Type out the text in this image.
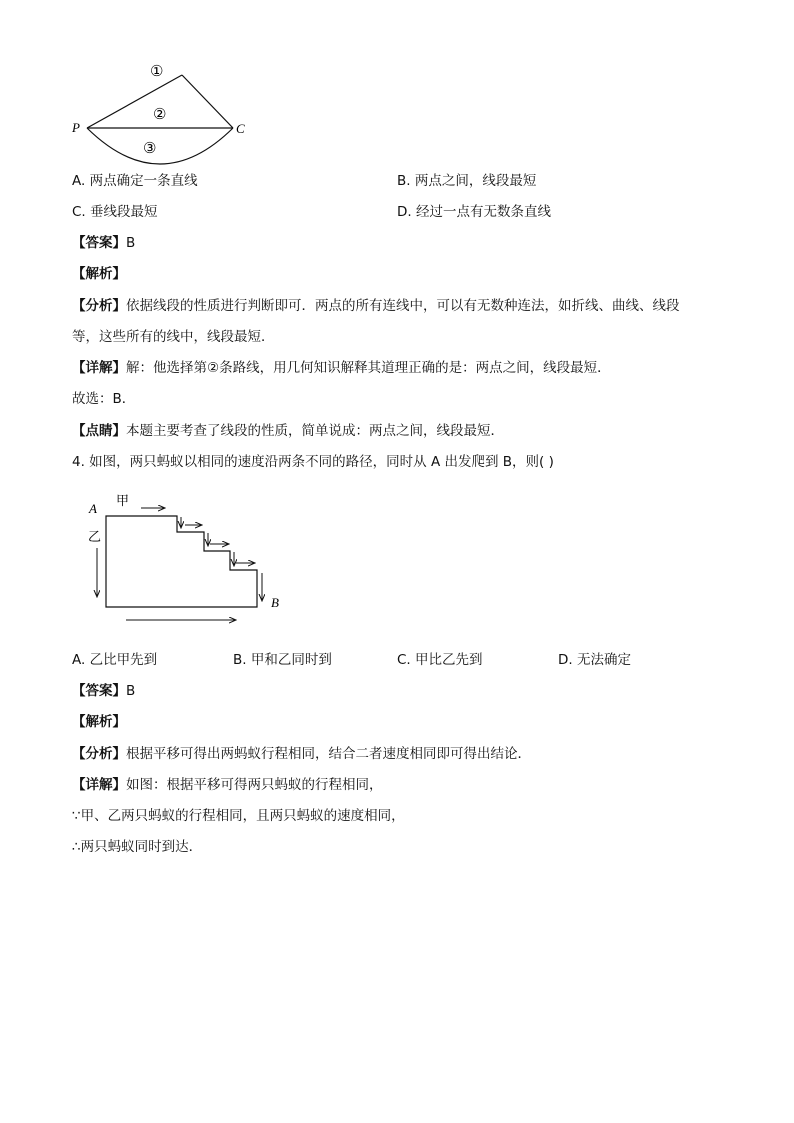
①
②
③
P	C
A. 两点确定一条直线	B. 两点之间，线段最短
C. 垂线段最短	D. 经过一点有无数条直线
【答案】B
【解析】
【分析】依据线段的性质进行判断即可．两点的所有连线中，可以有无数种连法，如折线、曲线、线段
等，这些所有的线中，线段最短．
【详解】解：他选择第②条路线，用几何知识解释其道理正确的是：两点之间，线段最短．
故选：B．
【点睛】本题主要考查了线段的性质，简单说成：两点之间，线段最短．
4. 如图，两只蚂蚁以相同的速度沿两条不同的路径，同时从 A 出发爬到 B，则( )
A
B
甲
乙
A. 乙比甲先到	B. 甲和乙同时到	C. 甲比乙先到	D. 无法确定
【答案】B
【解析】
【分析】根据平移可得出两蚂蚁行程相同，结合二者速度相同即可得出结论．
【详解】如图：根据平移可得两只蚂蚁的行程相同，
∵甲、乙两只蚂蚁的行程相同，且两只蚂蚁的速度相同，
∴两只蚂蚁同时到达．
